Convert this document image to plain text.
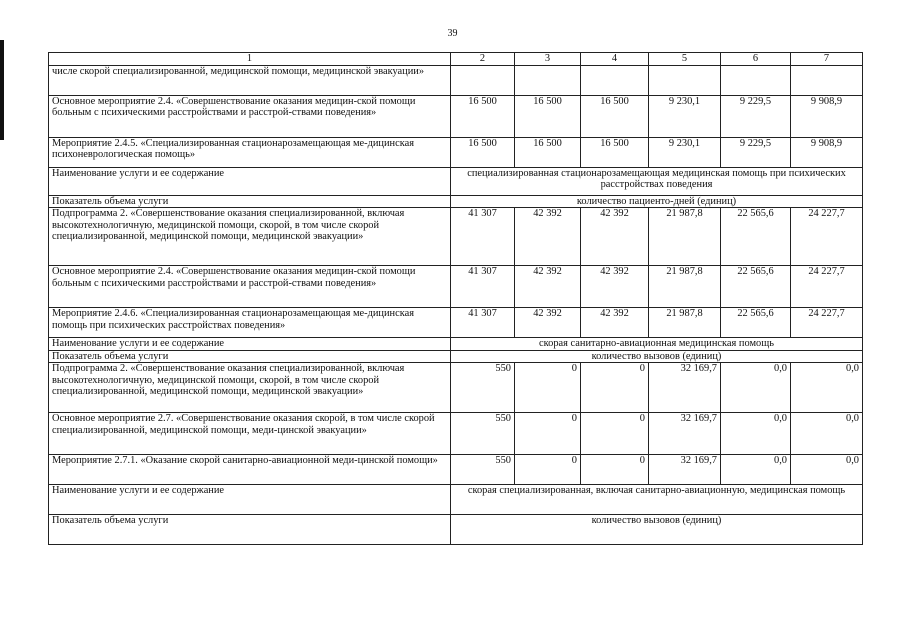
39
1	2	3	4	5	6	7
числе скорой специализированной, медицинской помощи, медицинской эвакуации»						
Основное мероприятие 2.4. «Совершенствование оказания медицин-ской помощи больным с психическими расстройствами и расстрой-ствами поведения»	16 500	16 500	16 500	9 230,1	9 229,5	9 908,9
Мероприятие 2.4.5. «Специализированная стационарозамещающая ме-дицинская психоневрологическая помощь»	16 500	16 500	16 500	9 230,1	9 229,5	9 908,9
Наименование услуги и ее содержание	специализированная стационарозамещающая медицинская помощь при психических расстройствах поведения					
Показатель объема услуги	количество пациенто-дней (единиц)					
Подпрограмма 2. «Совершенствование оказания специализированной, включая высокотехнологичную, медицинской помощи, скорой, в том числе скорой специализированной, медицинской помощи, медицинской эвакуации»	41 307	42 392	42 392	21 987,8	22 565,6	24 227,7
Основное мероприятие 2.4. «Совершенствование оказания медицин-ской помощи больным с психическими расстройствами и расстрой-ствами поведения»	41 307	42 392	42 392	21 987,8	22 565,6	24 227,7
Мероприятие 2.4.6. «Специализированная стационарозамещающая ме-дицинская помощь при психических расстройствах поведения»	41 307	42 392	42 392	21 987,8	22 565,6	24 227,7
Наименование услуги и ее содержание	скорая санитарно-авиационная медицинская помощь					
Показатель объема услуги	количество вызовов (единиц)					
Подпрограмма 2. «Совершенствование оказания специализированной, включая высокотехнологичную, медицинской помощи, скорой, в том числе скорой специализированной, медицинской помощи, медицинской эвакуации»	550	0	0	32 169,7	0,0	0,0
Основное мероприятие 2.7. «Совершенствование оказания скорой, в том числе скорой специализированной, медицинской помощи, меди-цинской эвакуации»	550	0	0	32 169,7	0,0	0,0
Мероприятие 2.7.1. «Оказание скорой санитарно-авиационной меди-цинской помощи»	550	0	0	32 169,7	0,0	0,0
Наименование услуги и ее содержание	скорая специализированная, включая санитарно-авиационную, медицинская помощь					
Показатель объема услуги	количество вызовов (единиц)					
